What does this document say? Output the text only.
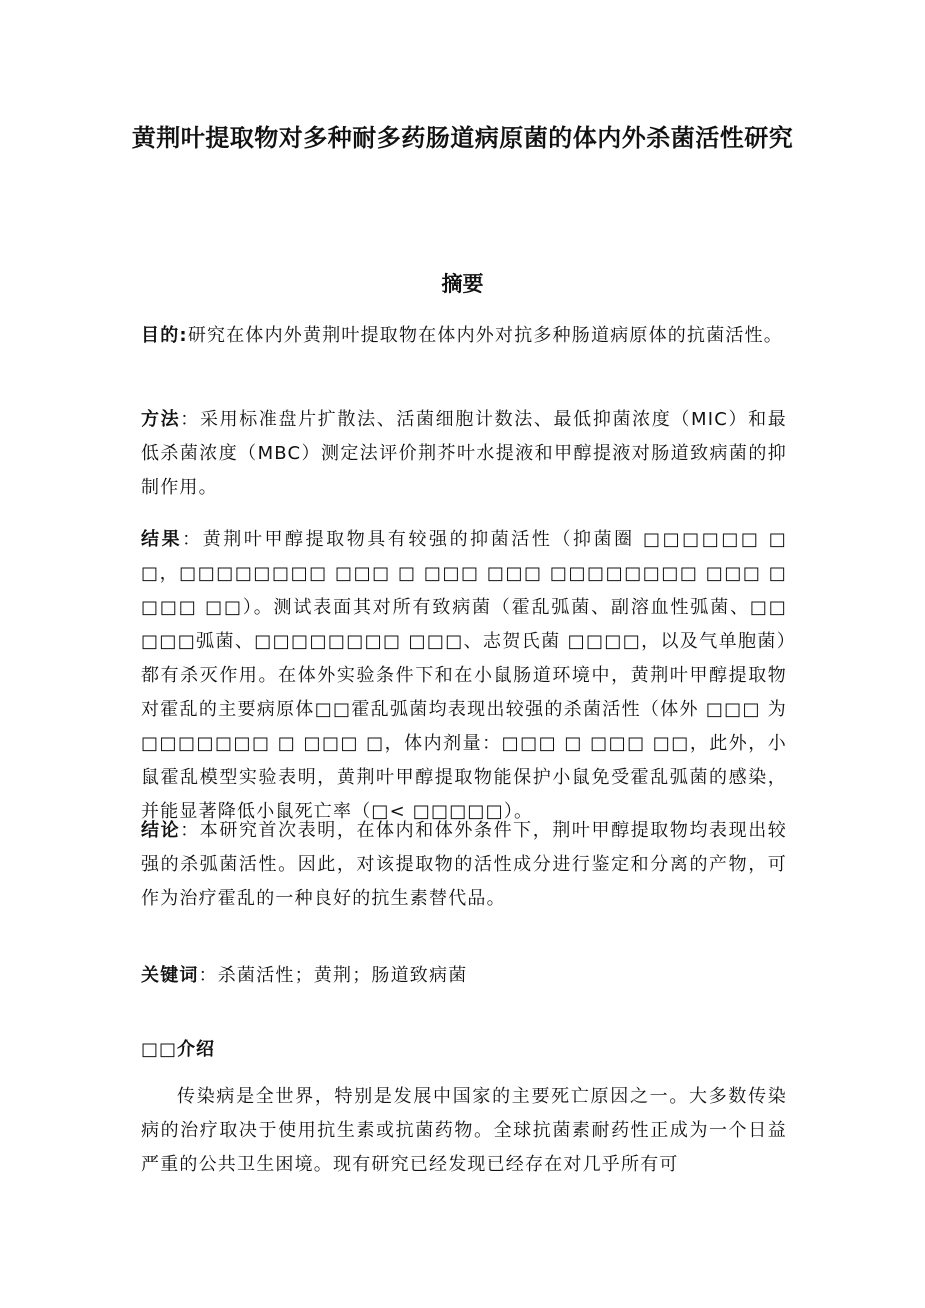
黄荆叶提取物对多种耐多药肠道病原菌的体内外杀菌活性研究
摘要

目的:研究在体内外黄荆叶提取物在体内外对抗多种肠道病原体的抗菌活性。

方法：采用标准盘片扩散法、活菌细胞计数法、最低抑菌浓度（MIC）和最低杀菌浓度（MBC）测定法评价荆芥叶水提液和甲醇提液对肠道致病菌的抑制作用。

结果：黄荆叶甲醇提取物具有较强的抑菌活性（抑菌圈 □□□□□□ □ □，□□□□□□□□ □□□ □ □□□ □□□ □□□□□□□□ □□□ □ □□□ □□）。测试表面其对所有致病菌（霍乱弧菌、副溶血性弧菌、□□ □□□弧菌、□□□□□□□□ □□□、志贺氏菌 □□□□，以及气单胞菌）都有杀灭作用。在体外实验条件下和在小鼠肠道环境中，黄荆叶甲醇提取物对霍乱的主要病原体□□霍乱弧菌均表现出较强的杀菌活性（体外 □□□ 为 □□□□□□□ □ □□□ □，体内剂量：□□□ □ □□□ □□，此外，小鼠霍乱模型实验表明，黄荆叶甲醇提取物能保护小鼠免受霍乱弧菌的感染，并能显著降低小鼠死亡率（□< □□□□□）。

结论：本研究首次表明，在体内和体外条件下，荆叶甲醇提取物均表现出较强的杀弧菌活性。因此，对该提取物的活性成分进行鉴定和分离的产物，可作为治疗霍乱的一种良好的抗生素替代品。

关键词：杀菌活性；黄荆；肠道致病菌

□□介绍

传染病是全世界，特别是发展中国家的主要死亡原因之一。大多数传染病的治疗取决于使用抗生素或抗菌药物。全球抗菌素耐药性正成为一个日益严重的公共卫生困境。现有研究已经发现已经存在对几乎所有可
